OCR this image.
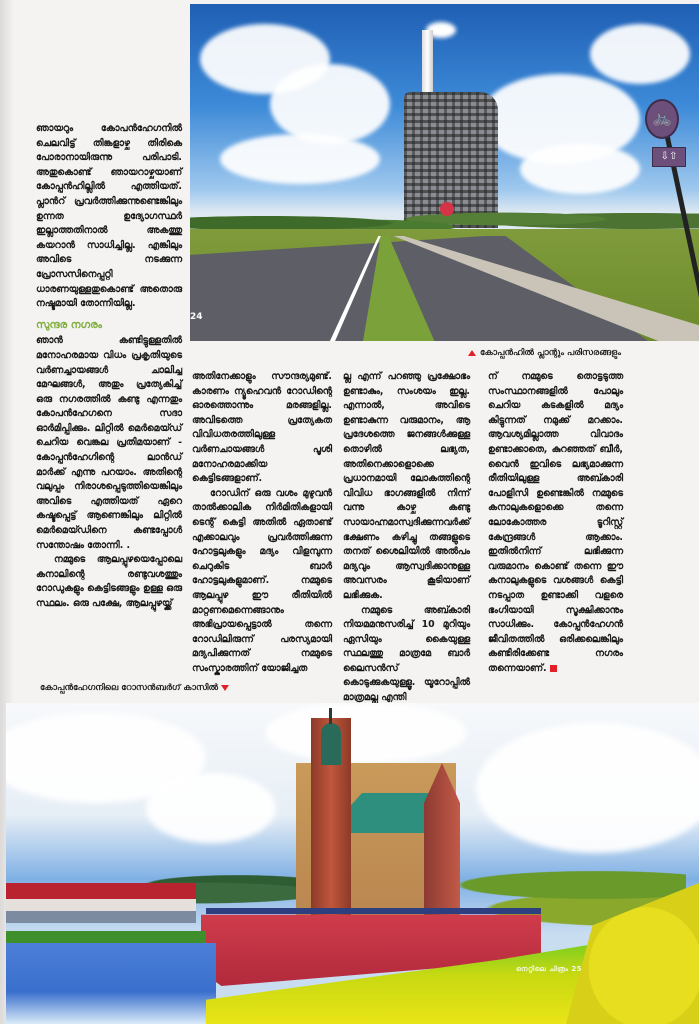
🚲
⇩⇧
24
കോപ്പൻഹിൽ പ്ലാന്റും പരിസരങ്ങളും

ഞായറും കോപൻഹേഗനിൽ ചെലവിട്ട് തിങ്കളാഴ്ച തിരികെ പോരാനായിരുന്നു പരിപാടി. അതുകൊണ്ട് ഞായറാഴ്ചയാണ് കോപ്പൻഹില്ലിൽ എത്തിയത്. പ്ലാൻറ് പ്രവർത്തിക്കുന്നുണ്ടെങ്കിലും ഉന്നത ഉദ്യോഗസ്ഥർ ഇല്ലാത്തതിനാൽ അകത്തു കയറാൻ സാധിച്ചില്ല. എങ്കിലും അവിടെ നടക്കുന്ന പ്രോസസിനെപ്പറ്റി ധാരണയുള്ളതുകൊണ്ട് അതൊരു നഷ്ടമായി തോന്നിയില്ല.

സുന്ദര നഗരം

ഞാൻ കണ്ടിട്ടുള്ളതിൽ മനോഹരമായ വിധം പ്രകൃതിയുടെ വർണച്ചായങ്ങൾ ചാലിച്ച മേഘങ്ങൾ, അതും പ്രത്യേകിച്ച് ഒരു നഗരത്തിൽ കണ്ടു എന്നതും കോപൻഹേഗനെ സദാ ഓർമിപ്പിക്കും. ലിറ്റിൽ മെർമെയ്ഡ് ചെറിയ വെങ്കല പ്രതിമയാണ് - കോപ്പൻഹേഗിന്റെ ലാൻഡ് മാർക്ക് എന്നു പറയാം. അതിന്റെ വലുപ്പം നിരാശപ്പെടുത്തിയെങ്കിലും അവിടെ എത്തിയത് ഏറെ കഷ്ടപ്പെട്ട് ആണെങ്കിലും ലിറ്റിൽ മെർമെയ്ഡിനെ കണ്ടപ്പോൾ സന്തോഷം തോന്നി. .

നമ്മുടെ ആലപ്പുഴയെപ്പോലെ കനാലിന്റെ രണ്ടുവശത്തും റോഡുകളും കെട്ടിടങ്ങളും ഉള്ള ഒരു സ്ഥലം. ഒരു പക്ഷേ, ആലപ്പുഴയ്ക്ക്

അതിനേക്കാളും സൗന്ദര്യമുണ്ട്. കാരണം ന്യൂഹെവൻ റോഡിന്റെ ഓരത്തൊന്നും മരങ്ങളില്ല. അവിടത്തെ പ്രത്യേകത വിവിധതരത്തിലുള്ള വർണചായങ്ങൾ പൂശി മനോഹരമാക്കിയ കെട്ടിടങ്ങളാണ്.

റോഡിന് ഒരു വശം മുഴുവൻ താൽക്കാലിക നിർമിതികളായി ടെന്റ് കെട്ടി അതിൽ ഏതാണ്ട് എക്കാലവും പ്രവർത്തിക്കുന്ന ഹോട്ടലുകളും മദ്യം വിളമ്പുന്ന ചെറുകിട ബാർ ഹോട്ടലുകളുമാണ്. നമ്മുടെ ആലപ്പുഴ ഈ രീതിയിൽ മാറ്റണമെന്നെങ്ങാനും അഭിപ്രായപ്പെട്ടാൽ തന്നെ റോഡിലിരുന്ന് പരസ്യമായി മദ്യപിക്കുന്നത് നമ്മുടെ സംസ്കാരത്തിന് യോജിച്ചത

ല്ല എന്ന് പറഞ്ഞു പ്രക്ഷോഭം ഉണ്ടാകും, സംശയം ഇല്ല. എന്നാൽ, അവിടെ ഉണ്ടാകുന്ന വരുമാനം, ആ പ്രദേശത്തെ ജനങ്ങൾക്കുള്ള തൊഴിൽ ലഭ്യത, അതിനെക്കാളൊക്കെ പ്രധാനമായി ലോകത്തിന്റെ വിവിധ ഭാഗങ്ങളിൽ നിന്ന് വന്നു കാഴ്ച കണ്ടു സായാഹ്നമാസ്വദിക്കുന്നവർക്ക് ഭക്ഷണം കഴിച്ചു തങ്ങളുടെ തനത് ശൈലിയിൽ അൽപം മദ്യവും ആസ്വദിക്കാനുള്ള അവസരം കൂടിയാണ് ലഭിക്കുക.

നമ്മുടെ അബ്കാരി നിയമമനുസരിച്ച് 10 മുറിയും ഏസിയും കൈയുള്ള സ്ഥലത്തു മാത്രമേ ബാർ ലൈസൻസ് കൊടുക്കുകയുള്ളൂ. യൂറോപ്പിൽ മാത്രമല്ല എന്തി

ന് നമ്മുടെ തൊട്ടടുത്ത സംസ്ഥാനങ്ങളിൽ പോലും ചെറിയ കടകളിൽ മദ്യം കിട്ടുന്നത് നമുക്ക് മറക്കാം. ആവശ്യമില്ലാത്ത വിവാദം ഉണ്ടാക്കാതെ, കുറഞ്ഞത് ബീർ, വൈൻ ഇവിടെ ലഭ്യമാക്കുന്ന രീതിയിലുള്ള അബ്കാരി പോളിസി ഉണ്ടെങ്കിൽ നമ്മുടെ കനാലുകളൊക്കെ തന്നെ ലോകോത്തര ടൂറിസ്റ്റ് കേന്ദ്രങ്ങൾ ആക്കാം. ഇതിൽനിന്ന് ലഭിക്കുന്ന വരുമാനം കൊണ്ട് തന്നെ ഈ കനാലുകളുടെ വശങ്ങൾ കെട്ടി നടപ്പാത ഉണ്ടാക്കി വളരെ ഭംഗിയായി സൂക്ഷിക്കാനും സാധിക്കും. കോപ്പൻഹേഗൻ ജീവിതത്തിൽ ഒരിക്കലെങ്കിലും കണ്ടിരിക്കേണ്ട നഗരം തന്നെയാണ്.

കോപ്പൻഹേഗനിലെ റോസൻബർഗ് കാസിൽ
നെറ്റിലെ ചിത്രം 25
